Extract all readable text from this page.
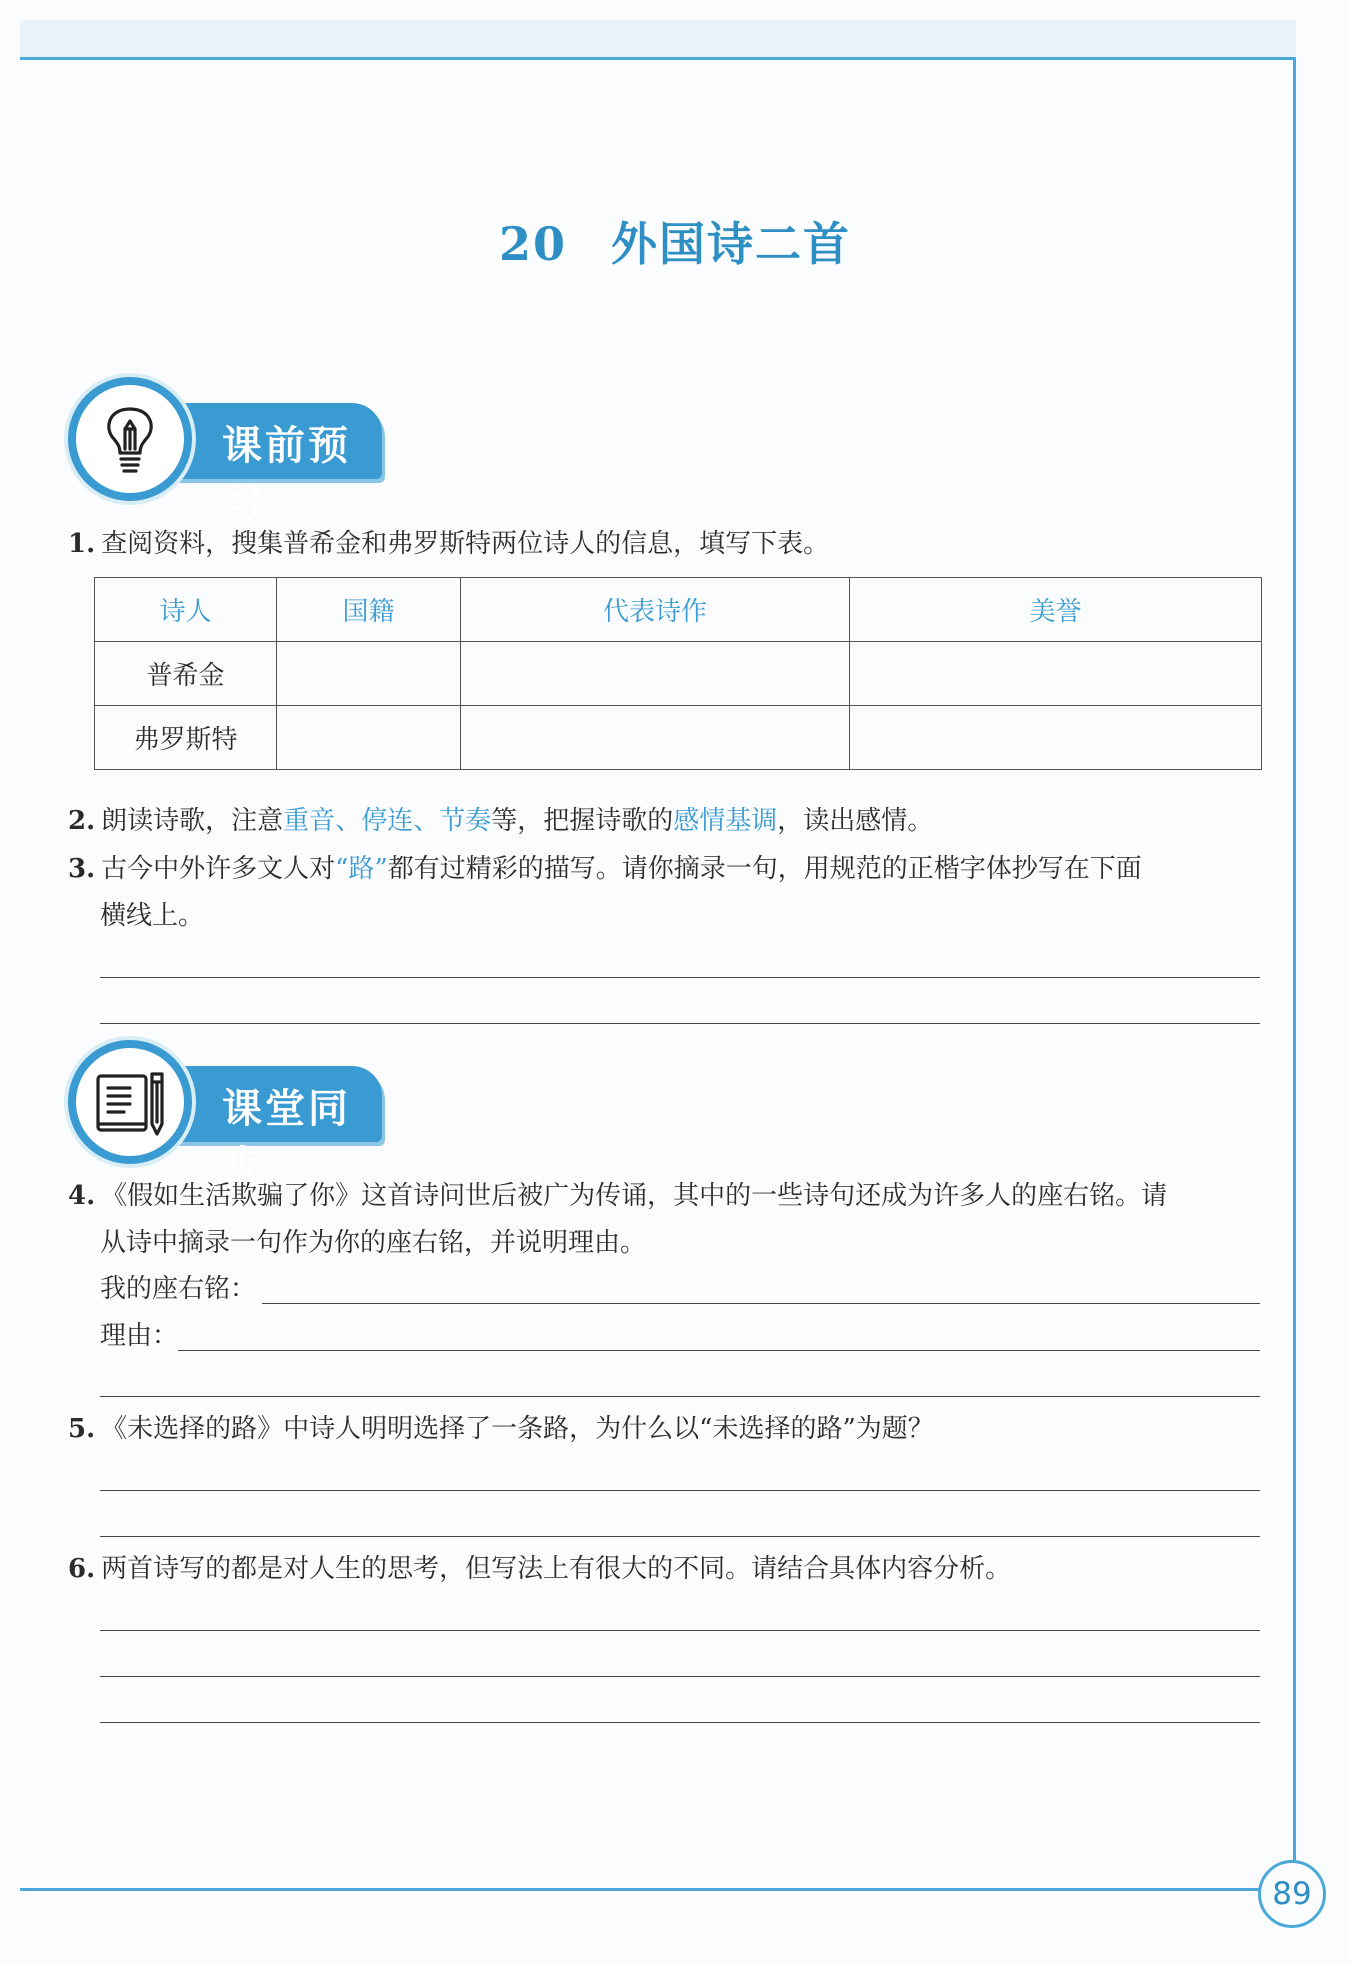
89
20 外国诗二首
课前预习
1. 查阅资料，搜集普希金和弗罗斯特两位诗人的信息，填写下表。
诗人	国籍	代表诗作	美誉
普希金			
弗罗斯特			
2. 朗读诗歌，注意重音、停连、节奏等，把握诗歌的感情基调，读出感情。
3. 古今中外许多文人对“路”都有过精彩的描写。请你摘录一句，用规范的正楷字体抄写在下面
横线上。
课堂同步
4. 《假如生活欺骗了你》这首诗问世后被广为传诵，其中的一些诗句还成为许多人的座右铭。请
从诗中摘录一句作为你的座右铭，并说明理由。
我的座右铭：
理由：
5. 《未选择的路》中诗人明明选择了一条路，为什么以“未选择的路”为题？
6. 两首诗写的都是对人生的思考，但写法上有很大的不同。请结合具体内容分析。
